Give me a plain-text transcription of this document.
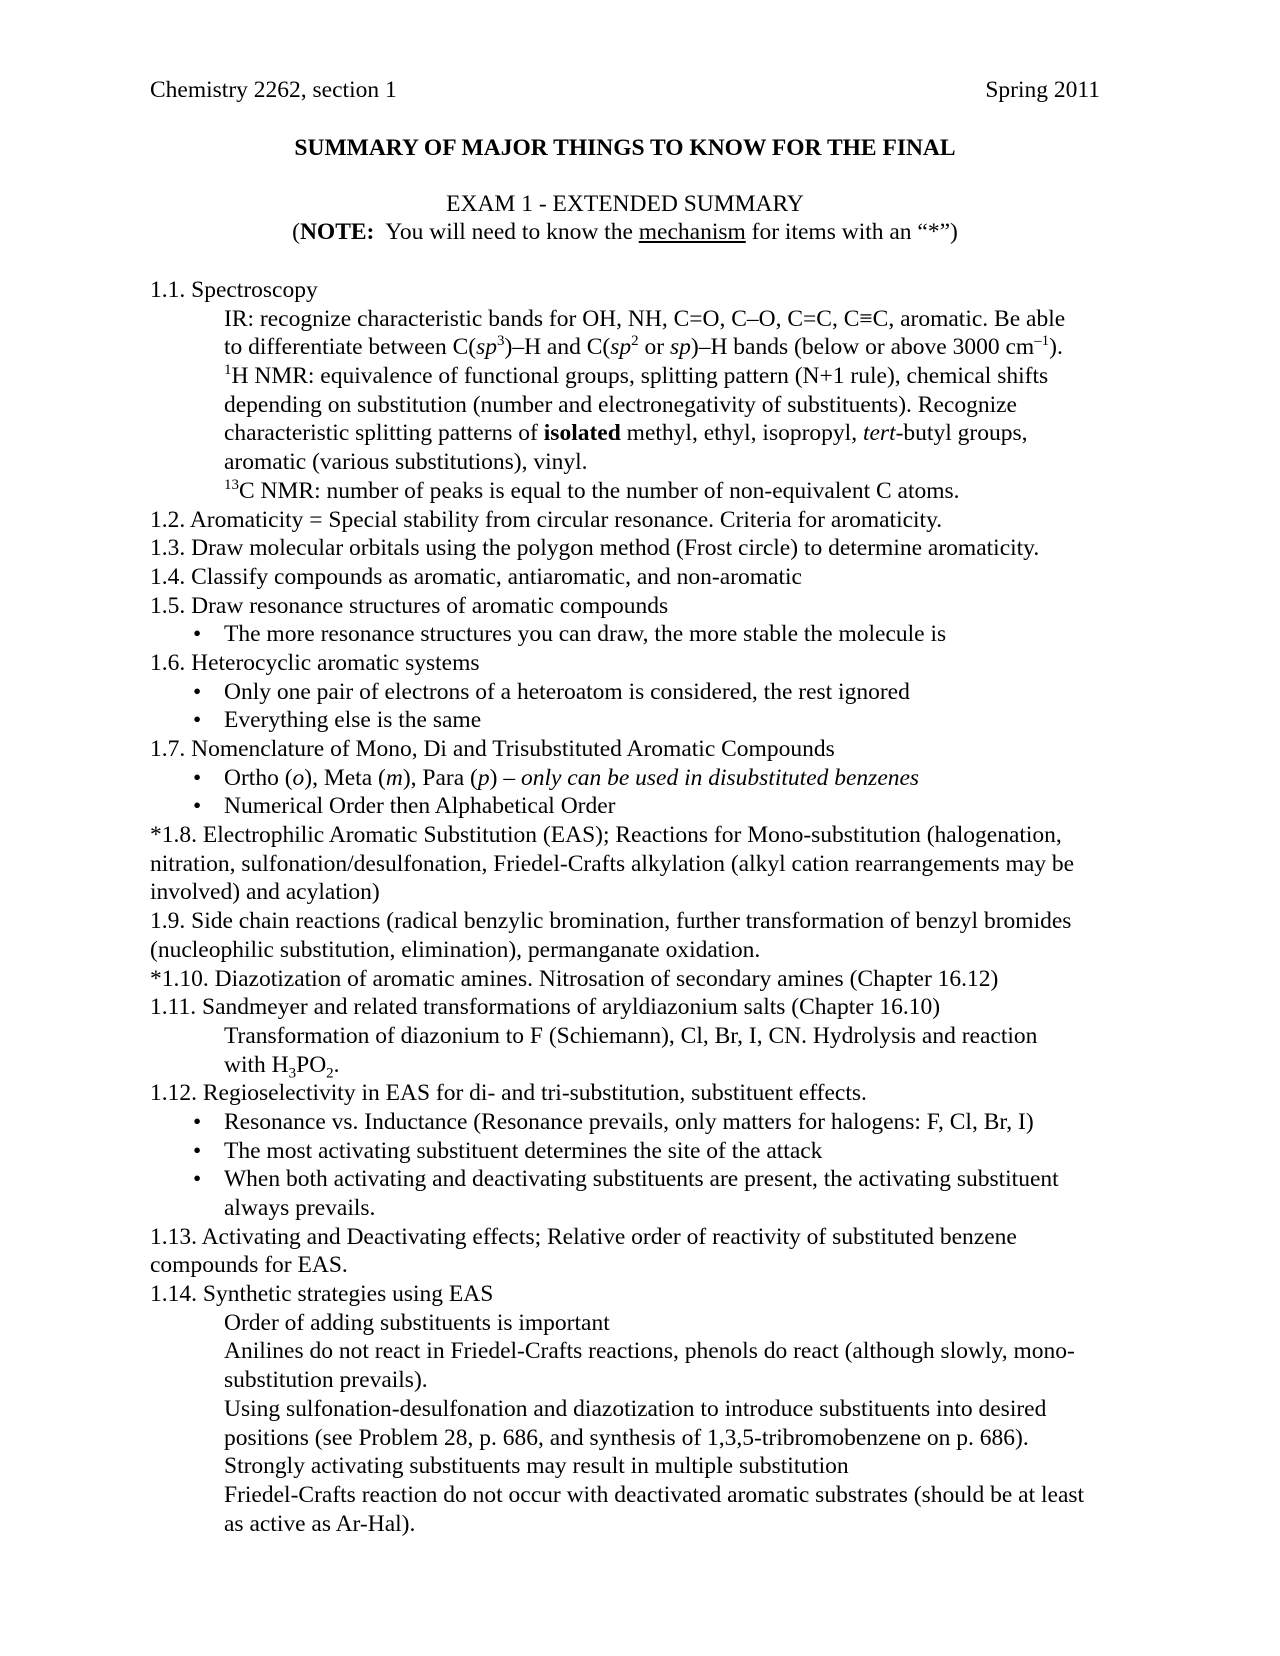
Chemistry 2262, section 1	Spring 2011
SUMMARY OF MAJOR THINGS TO KNOW FOR THE FINAL
EXAM 1 - EXTENDED SUMMARY
(NOTE:  You will need to know the mechanism for items with an “*”)
1.1. Spectroscopy
IR: recognize characteristic bands for OH, NH, C=O, C–O, C=C, C≡C, aromatic. Be able
to differentiate between $C(sp^3)-H$ and $C(sp^2$ or sp)–H bands (below or above 3000 $cm^{-1}$).
$^1$H NMR: equivalence of functional groups, splitting pattern (N+1 rule), chemical shifts
depending on substitution (number and electronegativity of substituents). Recognize
characteristic splitting patterns of isolated methyl, ethyl, isopropyl, tert-butyl groups,
aromatic (various substitutions), vinyl.
$^{13}$C NMR: number of peaks is equal to the number of non-equivalent C atoms.
1.2. Aromaticity = Special stability from circular resonance. Criteria for aromaticity.
1.3. Draw molecular orbitals using the polygon method (Frost circle) to determine aromaticity.
1.4. Classify compounds as aromatic, antiaromatic, and non-aromatic
1.5. Draw resonance structures of aromatic compounds
• The more resonance structures you can draw, the more stable the molecule is
1.6. Heterocyclic aromatic systems
• Only one pair of electrons of a heteroatom is considered, the rest ignored
• Everything else is the same
1.7. Nomenclature of Mono, Di and Trisubstituted Aromatic Compounds
• Ortho (o), Meta (m), Para (p) – only can be used in disubstituted benzenes
• Numerical Order then Alphabetical Order
*1.8. Electrophilic Aromatic Substitution (EAS); Reactions for Mono-substitution (halogenation,
nitration, sulfonation/desulfonation, Friedel-Crafts alkylation (alkyl cation rearrangements may be
involved) and acylation)
1.9. Side chain reactions (radical benzylic bromination, further transformation of benzyl bromides
(nucleophilic substitution, elimination), permanganate oxidation.
*1.10. Diazotization of aromatic amines. Nitrosation of secondary amines (Chapter 16.12)
1.11. Sandmeyer and related transformations of aryldiazonium salts (Chapter 16.10)
Transformation of diazonium to F (Schiemann), Cl, Br, I, CN. Hydrolysis and reaction
with $H_3PO_2$.
1.12. Regioselectivity in EAS for di- and tri-substitution, substituent effects.
• Resonance vs. Inductance (Resonance prevails, only matters for halogens: F, Cl, Br, I)
• The most activating substituent determines the site of the attack
• When both activating and deactivating substituents are present, the activating substituent
always prevails.
1.13. Activating and Deactivating effects; Relative order of reactivity of substituted benzene
compounds for EAS.
1.14. Synthetic strategies using EAS
Order of adding substituents is important
Anilines do not react in Friedel-Crafts reactions, phenols do react (although slowly, mono-
substitution prevails).
Using sulfonation-desulfonation and diazotization to introduce substituents into desired
positions (see Problem 28, p. 686, and synthesis of 1,3,5-tribromobenzene on p. 686).
Strongly activating substituents may result in multiple substitution
Friedel-Crafts reaction do not occur with deactivated aromatic substrates (should be at least
as active as Ar-Hal).
